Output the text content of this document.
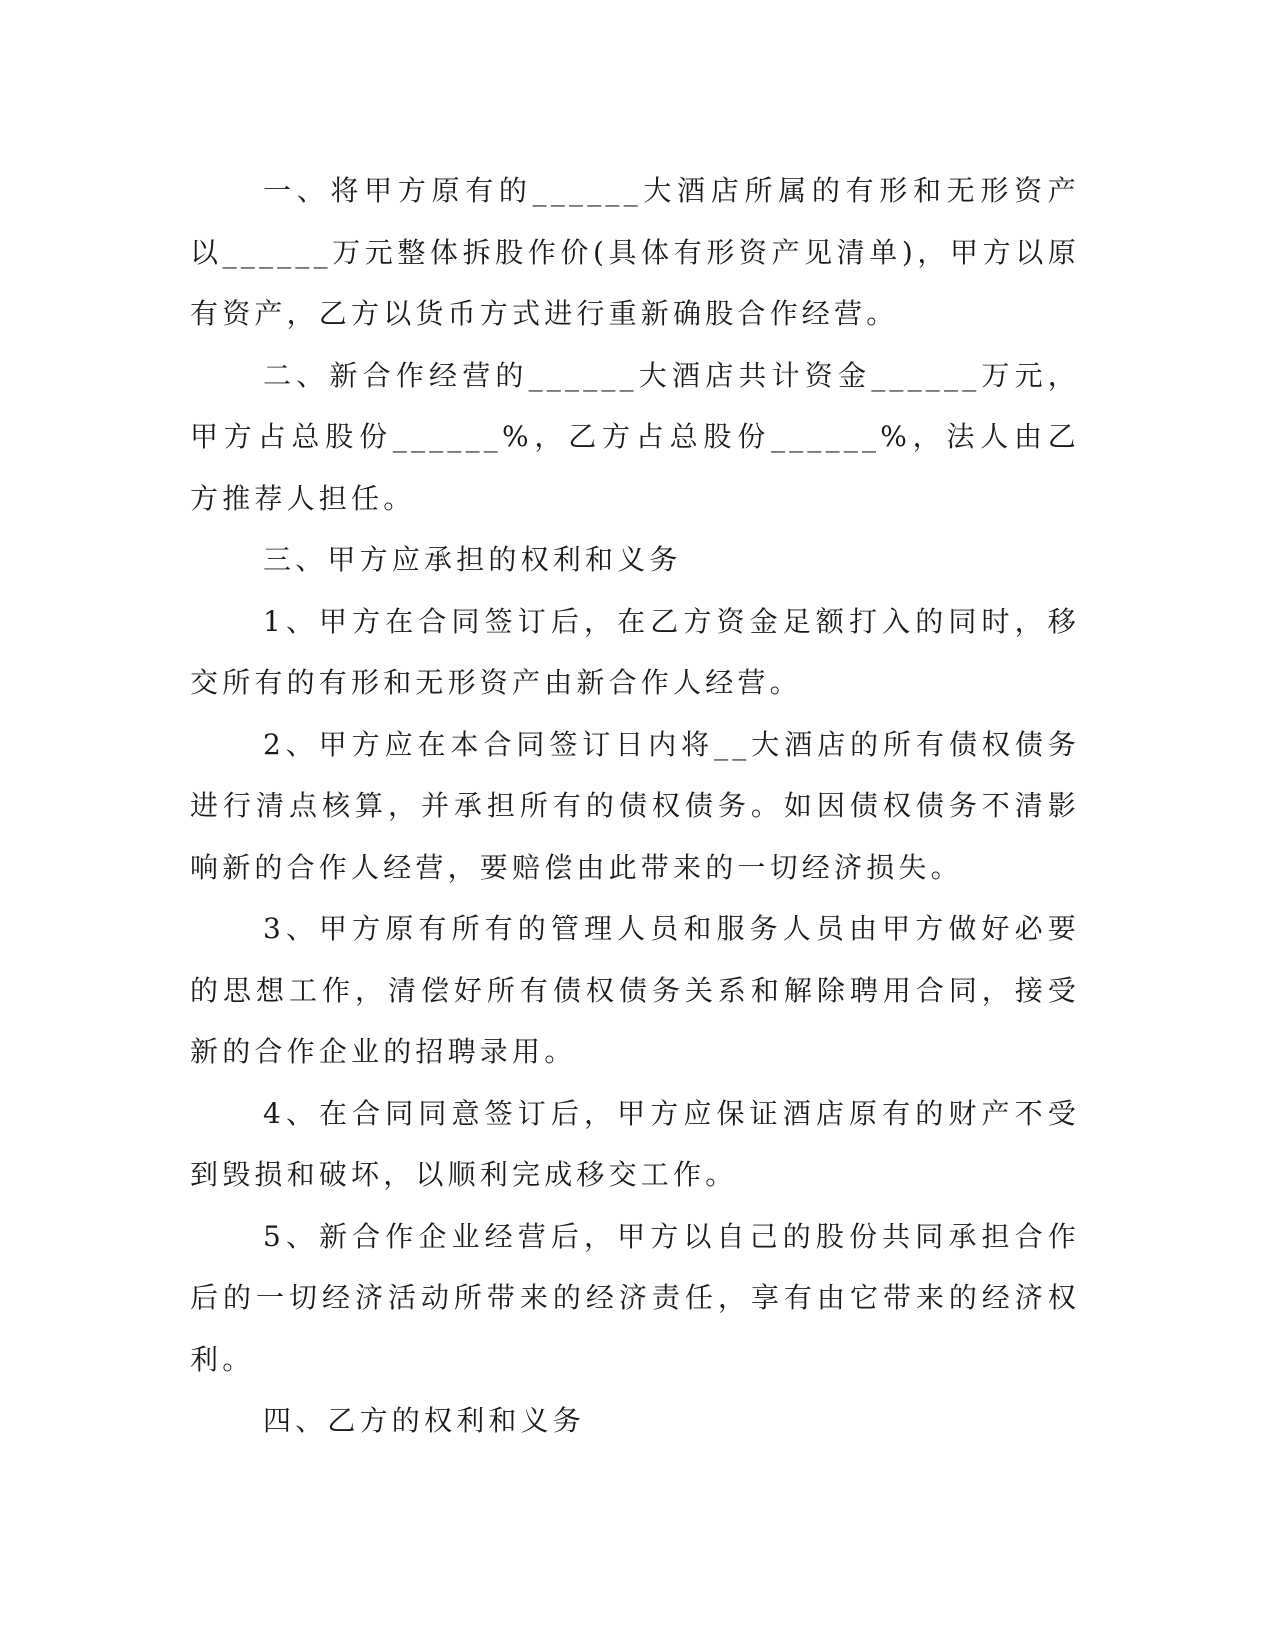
一、将甲方原有的______大酒店所属的有形和无形资产以______万元整体拆股作价(具体有形资产见清单)，甲方以原有资产，乙方以货币方式进行重新确股合作经营。

二、新合作经营的______大酒店共计资金______万元，甲方占总股份______%，乙方占总股份______%，法人由乙方推荐人担任。

三、甲方应承担的权利和义务

1、甲方在合同签订后，在乙方资金足额打入的同时，移交所有的有形和无形资产由新合作人经营。

2、甲方应在本合同签订日内将__大酒店的所有债权债务进行清点核算，并承担所有的债权债务。如因债权债务不清影响新的合作人经营，要赔偿由此带来的一切经济损失。

3、甲方原有所有的管理人员和服务人员由甲方做好必要的思想工作，清偿好所有债权债务关系和解除聘用合同，接受新的合作企业的招聘录用。

4、在合同同意签订后，甲方应保证酒店原有的财产不受到毁损和破坏，以顺利完成移交工作。

5、新合作企业经营后，甲方以自己的股份共同承担合作后的一切经济活动所带来的经济责任，享有由它带来的经济权利。

四、乙方的权利和义务
